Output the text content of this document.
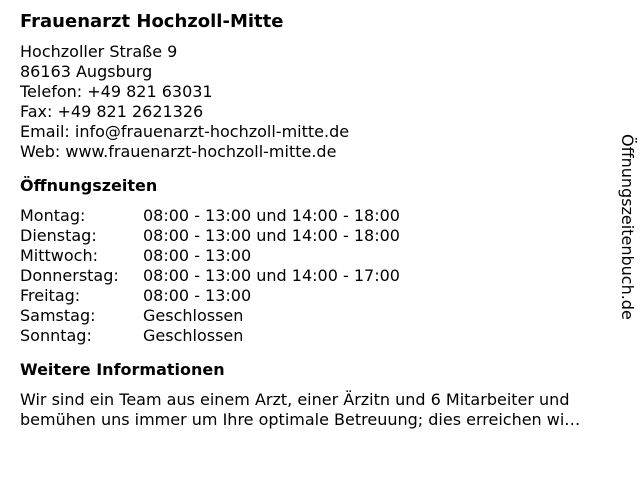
Frauenarzt Hochzoll-Mitte
Hochzoller Straße 9
86163 Augsburg
Telefon: +49 821 63031
Fax: +49 821 2621326
Email: info@frauenarzt-hochzoll-mitte.de
Web: www.frauenarzt-hochzoll-mitte.de
Öffnungszeiten
Montag:	08:00 - 13:00 und 14:00 - 18:00
Dienstag:	08:00 - 13:00 und 14:00 - 18:00
Mittwoch:	08:00 - 13:00
Donnerstag:	08:00 - 13:00 und 14:00 - 17:00
Freitag:	08:00 - 13:00
Samstag:	Geschlossen
Sonntag:	Geschlossen
Weitere Informationen
Wir sind ein Team aus einem Arzt, einer Ärzitn und 6 Mitarbeiter und
bemühen uns immer um Ihre optimale Betreuung; dies erreichen wi…
Öffnungszeitenbuch.de
